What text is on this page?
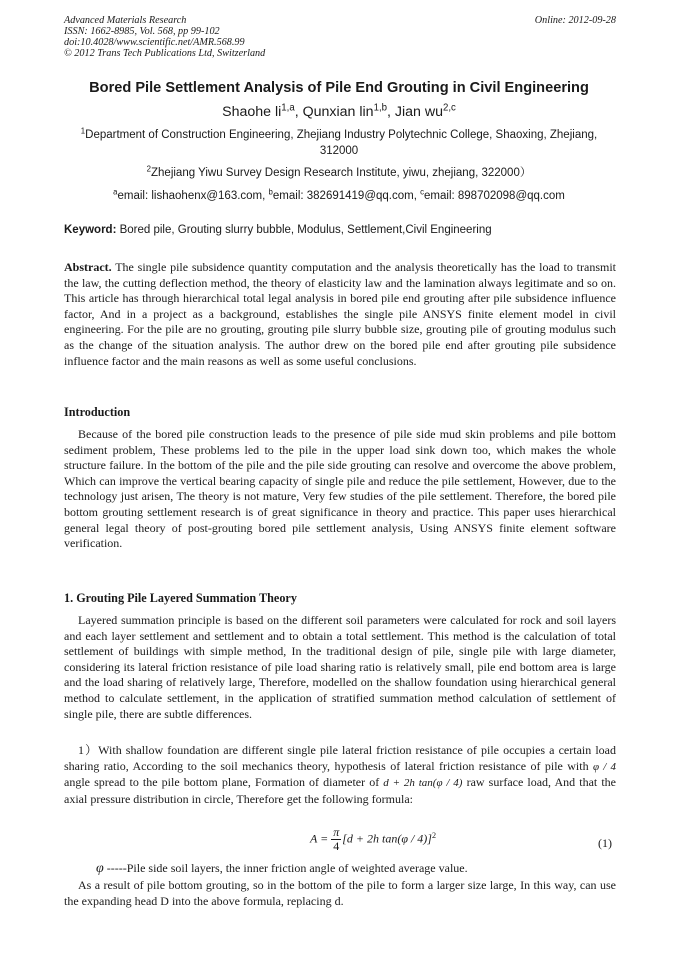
Advanced Materials Research
ISSN: 1662-8985, Vol. 568, pp 99-102
doi:10.4028/www.scientific.net/AMR.568.99
© 2012 Trans Tech Publications Ltd, Switzerland
Online: 2012-09-28
Bored Pile Settlement Analysis of Pile End Grouting in Civil Engineering
Shaohe li$^{1,a}$, Qunxian lin$^{1,b}$, Jian wu$^{2,c}$
$^1$Department of Construction Engineering, Zhejiang Industry Polytechnic College, Shaoxing, Zhejiang, 312000
$^2$Zhejiang Yiwu Survey Design Research Institute, yiwu, zhejiang, 322000）
$^a$email: lishaohenx@163.com, $^b$email: 382691419@qq.com, $^c$email: 898702098@qq.com
Keyword: Bored pile, Grouting slurry bubble, Modulus, Settlement,Civil Engineering
Abstract. The single pile subsidence quantity computation and the analysis theoretically has the load to transmit the law, the cutting deflection method, the theory of elasticity law and the lamination always legitimate and so on. This article has through hierarchical total legal analysis in bored pile end grouting after pile subsidence influence factor, And in a project as a background, establishes the single pile ANSYS finite element model in civil engineering. For the pile are no grouting, grouting pile slurry bubble size, grouting pile of grouting modulus such as the change of the situation analysis. The author drew on the bored pile end after grouting pile subsidence influence factor and the main reasons as well as some useful conclusions.
Introduction
Because of the bored pile construction leads to the presence of pile side mud skin problems and pile bottom sediment problem, These problems led to the pile in the upper load sink down too, which makes the whole structure failure. In the bottom of the pile and the pile side grouting can resolve and overcome the above problem, Which can improve the vertical bearing capacity of single pile and reduce the pile settlement, However, due to the technology just arisen, The theory is not mature, Very few studies of the pile settlement. Therefore, the bored pile bottom grouting settlement research is of great significance in theory and practice. This paper uses hierarchical general legal theory of post-grouting bored pile settlement analysis, Using ANSYS finite element software verification.
1. Grouting Pile Layered Summation Theory
Layered summation principle is based on the different soil parameters were calculated for rock and soil layers and each layer settlement and settlement and to obtain a total settlement. This method is the calculation of total settlement of buildings with simple method, In the traditional design of pile, single pile with large diameter, considering its lateral friction resistance of pile load sharing ratio is relatively small, pile end bottom area is large and the load sharing of relatively large, Therefore, modelled on the shallow foundation using hierarchical general method to calculate settlement, in the application of stratified summation method calculation of settlement of single pile, there are subtle differences.
1）With shallow foundation are different single pile lateral friction resistance of pile occupies a certain load sharing ratio, According to the soil mechanics theory, hypothesis of lateral friction resistance of pile with φ / 4 angle spread to the pile bottom plane, Formation of diameter of d + 2h tan(φ / 4) raw surface load, And that the axial pressure distribution in circle, Therefore get the following formula:
$A = \frac{\pi}{4} [d + 2h$ tan(φ / 4)]$^2$
(1)
φ -----Pile side soil layers, the inner friction angle of weighted average value.
As a result of pile bottom grouting, so in the bottom of the pile to form a larger size large, In this way, can use the expanding head D into the above formula, replacing d.
